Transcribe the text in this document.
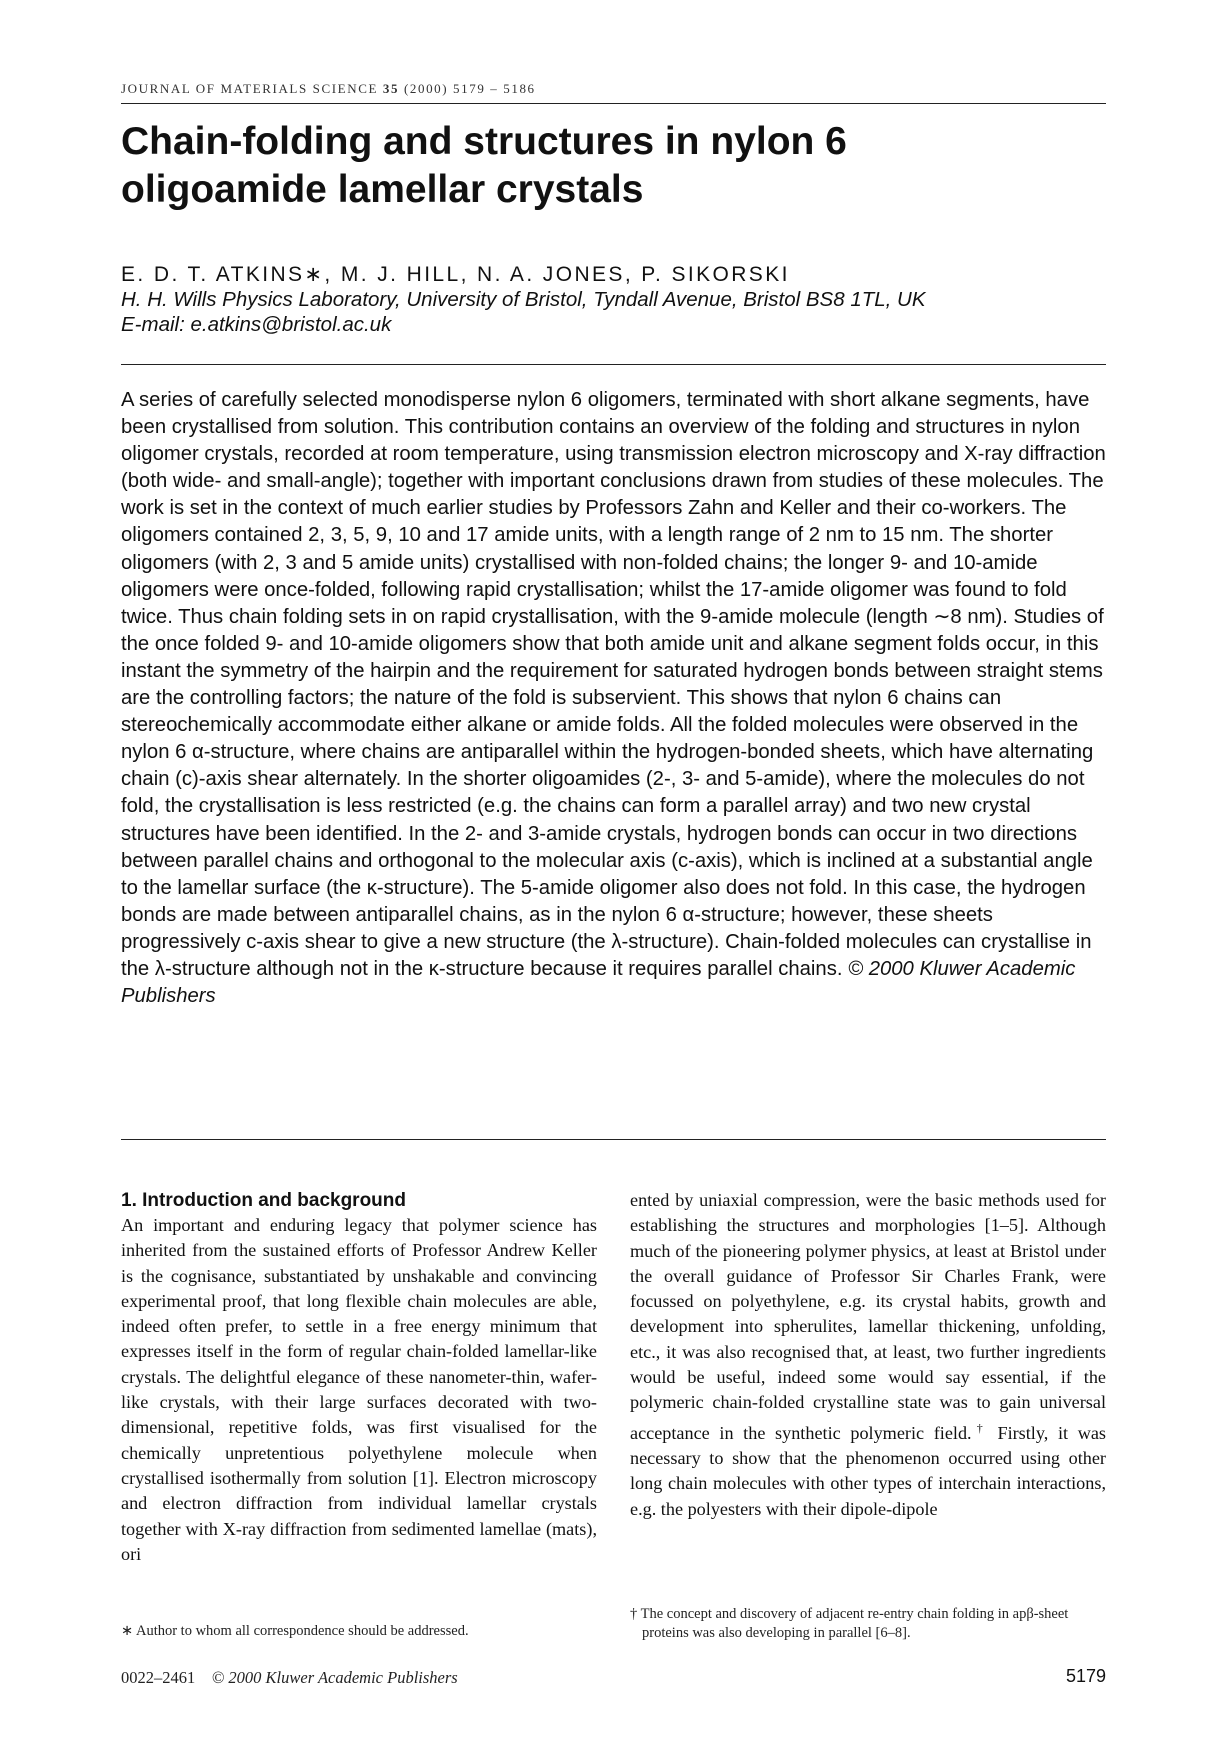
JOURNAL OF MATERIALS SCIENCE 35 (2000) 5179 – 5186
Chain-folding and structures in nylon 6
oligoamide lamellar crystals
E. D. T. ATKINS∗, M. J. HILL, N. A. JONES, P. SIKORSKI
H. H. Wills Physics Laboratory, University of Bristol, Tyndall Avenue, Bristol BS8 1TL, UK
E-mail: e.atkins@bristol.ac.uk

A series of carefully selected monodisperse nylon 6 oligomers, terminated with short alkane segments, have been crystallised from solution. This contribution contains an overview of the folding and structures in nylon oligomer crystals, recorded at room temperature, using transmission electron microscopy and X-ray diffraction (both wide- and small-angle); together with important conclusions drawn from studies of these molecules. The work is set in the context of much earlier studies by Professors Zahn and Keller and their co-workers. The oligomers contained 2, 3, 5, 9, 10 and 17 amide units, with a length range of 2 nm to 15 nm. The shorter oligomers (with 2, 3 and 5 amide units) crystallised with non-folded chains; the longer 9- and 10-amide oligomers were once-folded, following rapid crystallisation; whilst the 17-amide oligomer was found to fold twice. Thus chain folding sets in on rapid crystallisation, with the 9-amide molecule (length ∼8 nm). Studies of the once folded 9- and 10-amide oligomers show that both amide unit and alkane segment folds occur, in this instant the symmetry of the hairpin and the requirement for saturated hydrogen bonds between straight stems are the controlling factors; the nature of the fold is subservient. This shows that nylon 6 chains can stereochemically accommodate either alkane or amide folds. All the folded molecules were observed in the nylon 6 α-structure, where chains are antiparallel within the hydrogen-bonded sheets, which have alternating chain (c)-axis shear alternately. In the shorter oligoamides (2-, 3- and 5-amide), where the molecules do not fold, the crystallisation is less restricted (e.g. the chains can form a parallel array) and two new crystal structures have been identified. In the 2- and 3-amide crystals, hydrogen bonds can occur in two directions between parallel chains and orthogonal to the molecular axis (c-axis), which is inclined at a substantial angle to the lamellar surface (the κ-structure). The 5-amide oligomer also does not fold. In this case, the hydrogen bonds are made between antiparallel chains, as in the nylon 6 α-structure; however, these sheets progressively c-axis shear to give a new structure (the λ-structure). Chain-folded molecules can crystallise in the λ-structure although not in the κ-structure because it requires parallel chains. © 2000 Kluwer Academic Publishers

1. Introduction and background

An important and enduring legacy that polymer science has inherited from the sustained efforts of Professor Andrew Keller is the cognisance, substantiated by unshakable and convincing experimental proof, that long flexible chain molecules are able, indeed often prefer, to settle in a free energy minimum that expresses itself in the form of regular chain-folded lamellar-like crystals. The delightful elegance of these nanometer-thin, wafer-like crystals, with their large surfaces decorated with two-dimensional, repetitive folds, was first visualised for the chemically unpretentious polyethylene molecule when crystallised isothermally from solution [1]. Electron microscopy and electron diffraction from individual lamellar crystals together with X-ray diffraction from sedimented lamellae (mats), ori

ented by uniaxial compression, were the basic methods used for establishing the structures and morphologies [1–5]. Although much of the pioneering polymer physics, at least at Bristol under the overall guidance of Professor Sir Charles Frank, were focussed on polyethylene, e.g. its crystal habits, growth and development into spherulites, lamellar thickening, unfolding, etc., it was also recognised that, at least, two further ingredients would be useful, indeed some would say essential, if the polymeric chain-folded crystalline state was to gain universal acceptance in the synthetic polymeric field.† Firstly, it was necessary to show that the phenomenon occurred using other long chain molecules with other types of interchain interactions, e.g. the polyesters with their dipole-dipole

∗ Author to whom all correspondence should be addressed.
† The concept and discovery of adjacent re-entry chain folding in apβ-sheet proteins was also developing in parallel [6–8].
0022–2461 © 2000 Kluwer Academic Publishers	5179
